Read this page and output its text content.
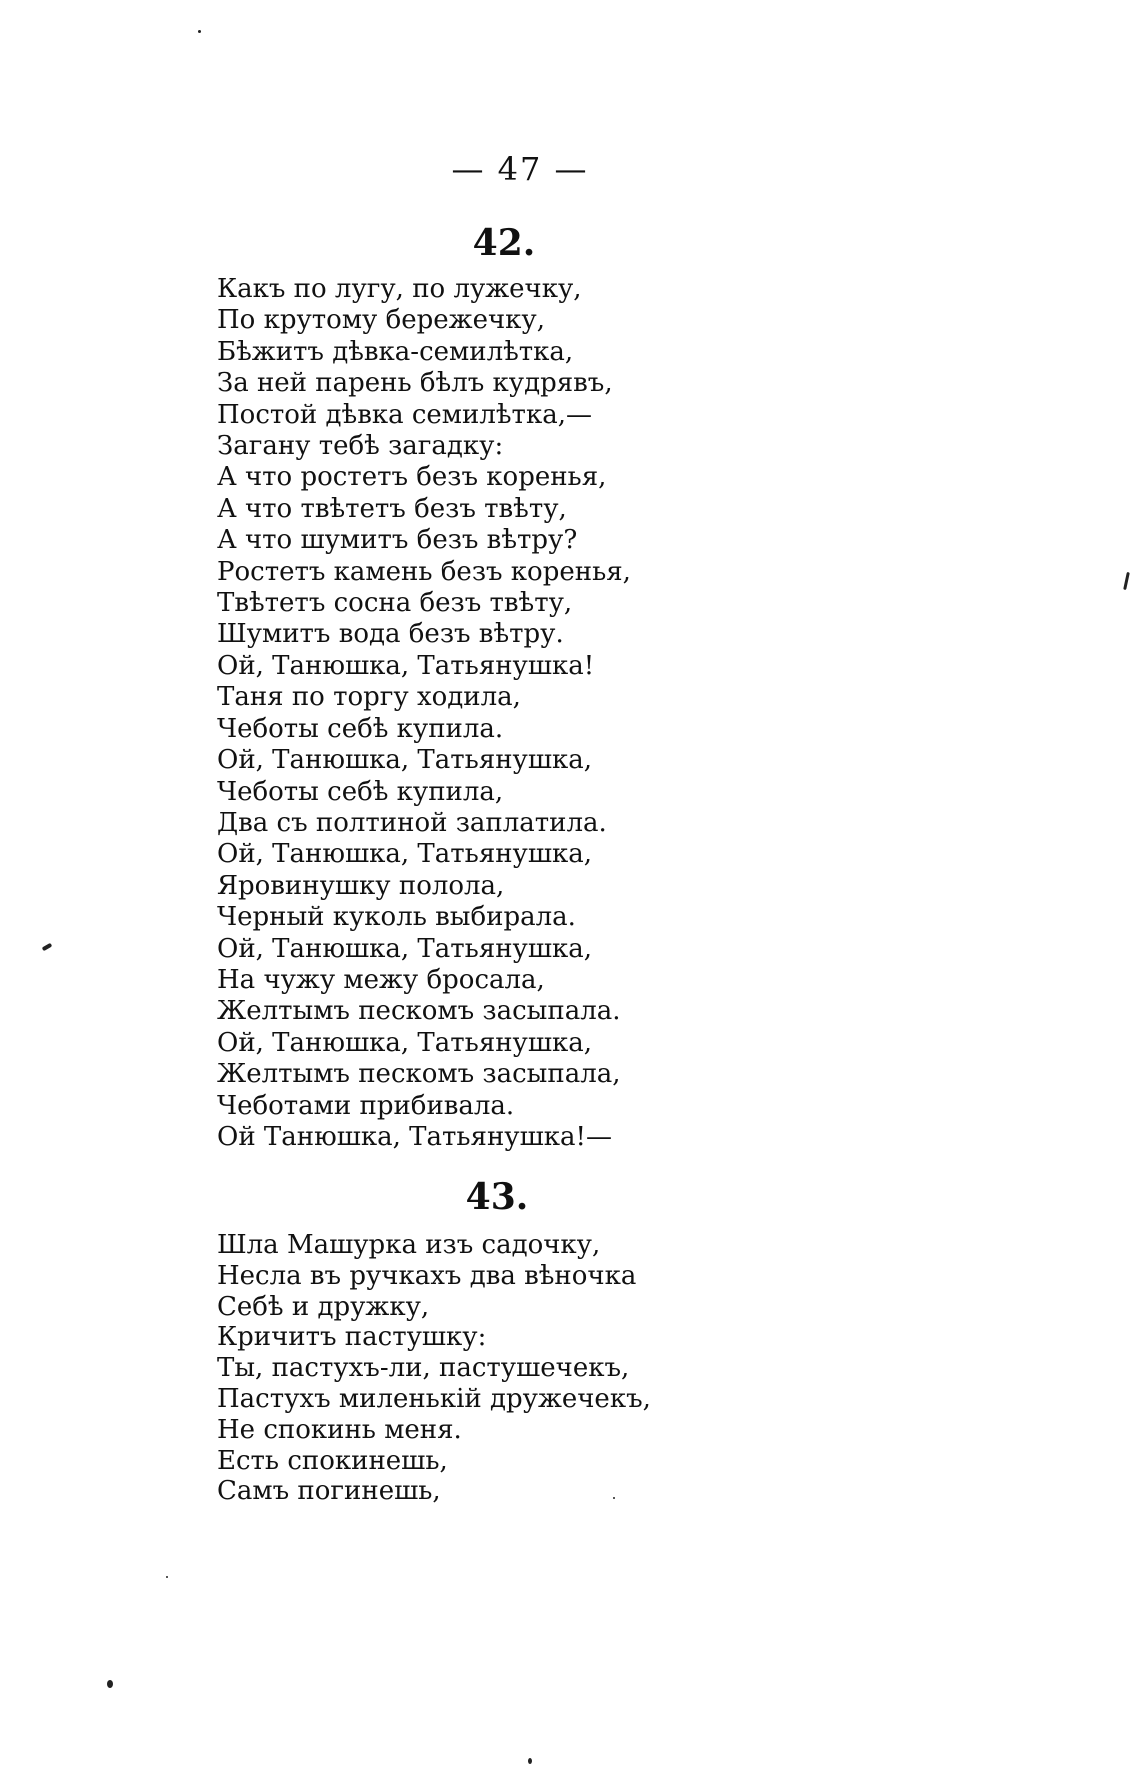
— 47 —
42.
Какъ по лугу, по лужечку,
По крутому бережечку,
Бѣжитъ дѣвка-семилѣтка,
За ней парень бѣлъ кудрявъ,
Постой дѣвка семилѣтка,—
Загану тебѣ загадку:
А что ростетъ безъ коренья,
А что твѣтетъ безъ твѣту,
А что шумитъ безъ вѣтру?
Ростетъ камень безъ коренья,
Твѣтетъ сосна безъ твѣту,
Шумитъ вода безъ вѣтру.
Ой, Танюшка, Татьянушка!
Таня по торгу ходила,
Чеботы себѣ купила.
Ой, Танюшка, Татьянушка,
Чеботы себѣ купила,
Два съ полтиной заплатила.
Ой, Танюшка, Татьянушка,
Яровинушку полола,
Черный куколь выбирала.
Ой, Танюшка, Татьянушка,
На чужу межу бросала,
Желтымъ пескомъ засыпала.
Ой, Танюшка, Татьянушка,
Желтымъ пескомъ засыпала,
Чеботами прибивала.
Ой Танюшка, Татьянушка!—
43.
Шла Машурка изъ садочку,
Несла въ ручкахъ два вѣночка
Себѣ и дружку,
Кричитъ пастушку:
Ты, пастухъ-ли, пастушечекъ,
Пастухъ миленькій дружечекъ,
Не спокинь меня.
Есть спокинешь,
Самъ погинешь,
